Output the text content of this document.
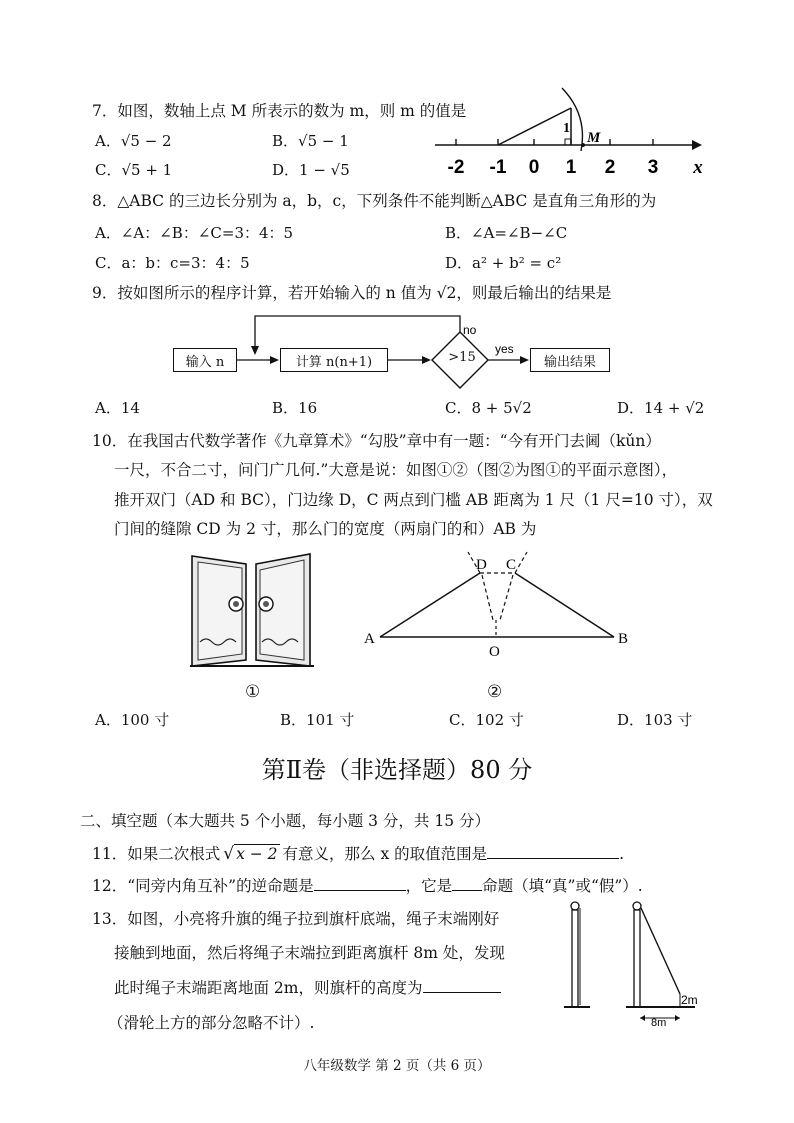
7．如图，数轴上点 M 所表示的数为 m，则 m 的值是
A．√5 − 2	B．√5 − 1
C．√5 + 1	D．1 − √5
1
M
-2 -1 0 1 2 3 x
8．△ABC 的三边长分别为 a，b，c，下列条件不能判断△ABC 是直角三角形的为
A．∠A：∠B：∠C=3：4：5	B．∠A=∠B−∠C
C．a：b：c=3：4：5	D．a² + b² = c²
9．按如图所示的程序计算，若开始输入的 n 值为 √2，则最后输出的结果是
no
yes
输入 n	计算 n(n+1)	>15	输出结果
A．14	B．16	C．8 + 5√2	D．14 + √2
10．在我国古代数学著作《九章算术》“勾股”章中有一题：“今有开门去阃（kǔn）
一尺，不合二寸，问门广几何.”大意是说：如图①②（图②为图①的平面示意图），
推开双门（AD 和 BC），门边缘 D，C 两点到门槛 AB 距离为 1 尺（1 尺=10 寸），双
门间的缝隙 CD 为 2 寸，那么门的宽度（两扇门的和）AB 为
①
A	B
D C
O
②
A．100 寸	B．101 寸	C．102 寸	D．103 寸
第Ⅱ卷（非选择题）80 分
二、填空题（本大题共 5 个小题，每小题 3 分，共 15 分）
11．如果二次根式 √ x − 2 有意义，那么 x 的取值范围是	.
12．“同旁内角互补”的逆命题是	，它是 命题（填“真”或“假”）.
13．如图，小亮将升旗的绳子拉到旗杆底端，绳子末端刚好
接触到地面，然后将绳子末端拉到距离旗杆 8m 处，发现
此时绳子末端距离地面 2m，则旗杆的高度为
（滑轮上方的部分忽略不计）.
2m
8m
八年级数学 第 2 页（共 6 页）
